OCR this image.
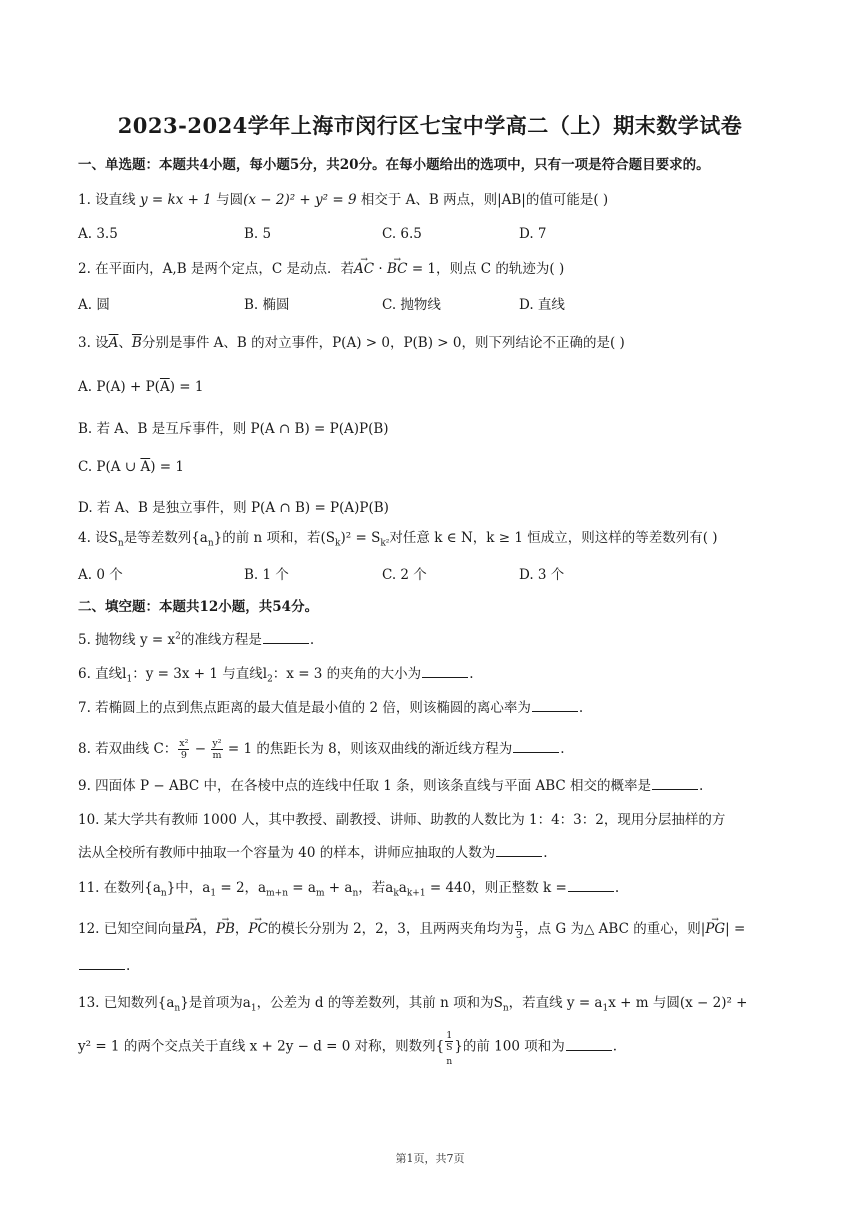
2023-2024学年上海市闵行区七宝中学高二（上）期末数学试卷
一、单选题：本题共4小题，每小题5分，共20分。在每小题给出的选项中，只有一项是符合题目要求的。
1. 设直线 y = kx + 1 与圆(x − 2)² + y² = 9 相交于 A、B 两点，则|AB|的值可能是( )
A. 3.5	B. 5	C. 6.5	D. 7
2. 在平面内，A,B 是两个定点，C 是动点．若→ AC · → BC = 1，则点 C 的轨迹为( )
A. 圆	B. 椭圆	C. 抛物线	D. 直线
3. 设$\overline{A}$、$\overline{B}$分别是事件 A、B 的对立事件，P(A) > 0，P(B) > 0，则下列结论不正确的是( )
A. $P(A) + P(\overline{A}) = 1$
B. 若 A、B 是互斥事件，则 P(A ∩ B) = P(A)P(B)
C. P(A ∪ $\overline{A}) = 1$
D. 若 A、B 是独立事件，则 P(A ∩ B) = P(A)P(B)
4. 设$S_n$是等差数列$\{a_n\}$的前 n 项和，若$(S_k)^2 = S_{k^2}$对任意 k ∈ N，k ≥ 1 恒成立，则这样的等差数列有( )
A. 0 个	B. 1 个	C. 2 个	D. 3 个
二、填空题：本题共12小题，共54分。
5. 抛物线 $y = x^2$的准线方程是	.
6. 直线$l_1$：y = 3x + 1 与直线$l_2$：x = 3 的夹角的大小为	.
7. 若椭圆上的点到焦点距离的最大值是最小值的 2 倍，则该椭圆的离心率为	.
8. 若双曲线 C： $\frac{\text{x²}}{9} - \frac{\text{y²}}{m} = 1$ 的焦距长为 8，则该双曲线的渐近线方程为	.
9. 四面体 P − ABC 中，在各棱中点的连线中任取 1 条，则该条直线与平面 ABC 相交的概率是	.
10. 某大学共有教师 1000 人，其中教授、副教授、讲师、助教的人数比为 1：4：3：2，现用分层抽样的方
法从全校所有教师中抽取一个容量为 40 的样本，讲师应抽取的人数为	.
11. 在数列$\{a_n\}$中，$a_1 = 2$，$a_{m+n} = a_m + a_n$，若$a_ka_{k+1} = 440$，则正整数 k =	.
12. 已知空间向量→ PA，→ PB，→ PC的模长分别为 2，2，3，且两两夹角均为 $\frac{\pi}{3}$ ，点 G 为△ ABC 的重心，则|→ PG| =
.
13. 已知数列$\{a_n\}$是首项为$a_1$，公差为 d 的等差数列，其前 n 项和为$S_n$，若直线 $y = a_1x + m$ 与圆(x − 2)² +
y² = 1 的两个交点关于直线 x + 2y − d = 0 对称，则数列{ 1
S
$_n$ }的前 100 项和为	.
第1页，共7页
